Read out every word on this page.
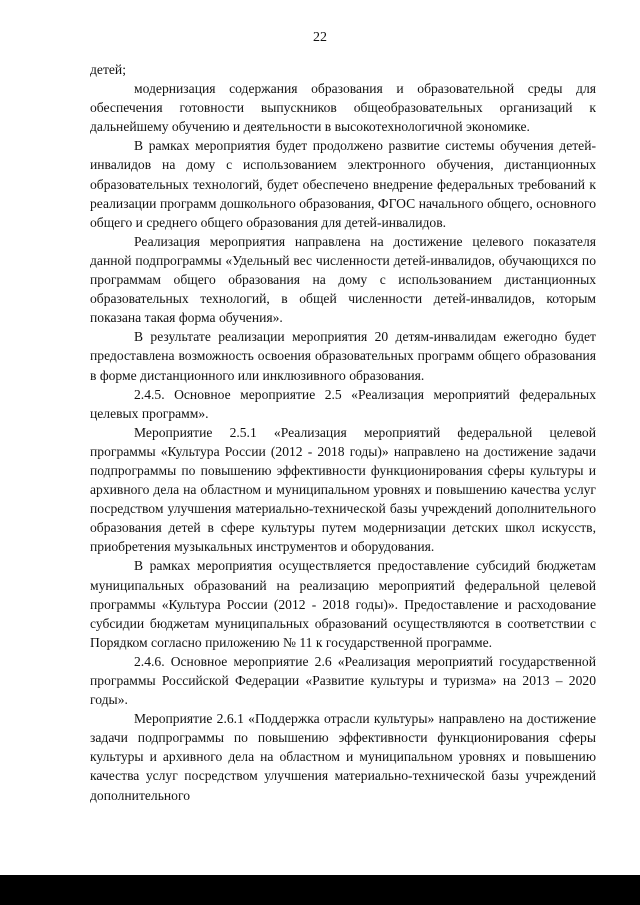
22

детей;

модернизация содержания образования и образовательной среды для обеспечения готовности выпускников общеобразовательных организаций к дальнейшему обучению и деятельности в высокотехнологичной экономике.

В рамках мероприятия будет продолжено развитие системы обучения детей-инвалидов на дому с использованием электронного обучения, дистанционных образовательных технологий, будет обеспечено внедрение федеральных требований к реализации программ дошкольного образования, ФГОС начального общего, основного общего и среднего общего образования для детей-инвалидов.

Реализация мероприятия направлена на достижение целевого показателя данной подпрограммы «Удельный вес численности детей-инвалидов, обучающихся по программам общего образования на дому с использованием дистанционных образовательных технологий, в общей численности детей-инвалидов, которым показана такая форма обучения».

В результате реализации мероприятия 20 детям-инвалидам ежегодно будет предоставлена возможность освоения образовательных программ общего образования в форме дистанционного или инклюзивного образования.

2.4.5. Основное мероприятие 2.5 «Реализация мероприятий федеральных целевых программ».

Мероприятие 2.5.1 «Реализация мероприятий федеральной целевой программы «Культура России (2012 - 2018 годы)» направлено на достижение задачи подпрограммы по повышению эффективности функционирования сферы культуры и архивного дела на областном и муниципальном уровнях и повышению качества услуг посредством улучшения материально-технической базы учреждений дополнительного образования детей в сфере культуры путем модернизации детских школ искусств, приобретения музыкальных инструментов и оборудования.

В рамках мероприятия осуществляется предоставление субсидий бюджетам муниципальных образований на реализацию мероприятий федеральной целевой программы «Культура России (2012 - 2018 годы)». Предоставление и расходование субсидии бюджетам муниципальных образований осуществляются в соответствии с Порядком согласно приложению № 11 к государственной программе.

2.4.6. Основное мероприятие 2.6 «Реализация мероприятий государственной программы Российской Федерации «Развитие культуры и туризма» на 2013 – 2020 годы».

Мероприятие 2.6.1 «Поддержка отрасли культуры» направлено на достижение задачи подпрограммы по повышению эффективности функционирования сферы культуры и архивного дела на областном и муниципальном уровнях и повышению качества услуг посредством улучшения материально-технической базы учреждений дополнительного
